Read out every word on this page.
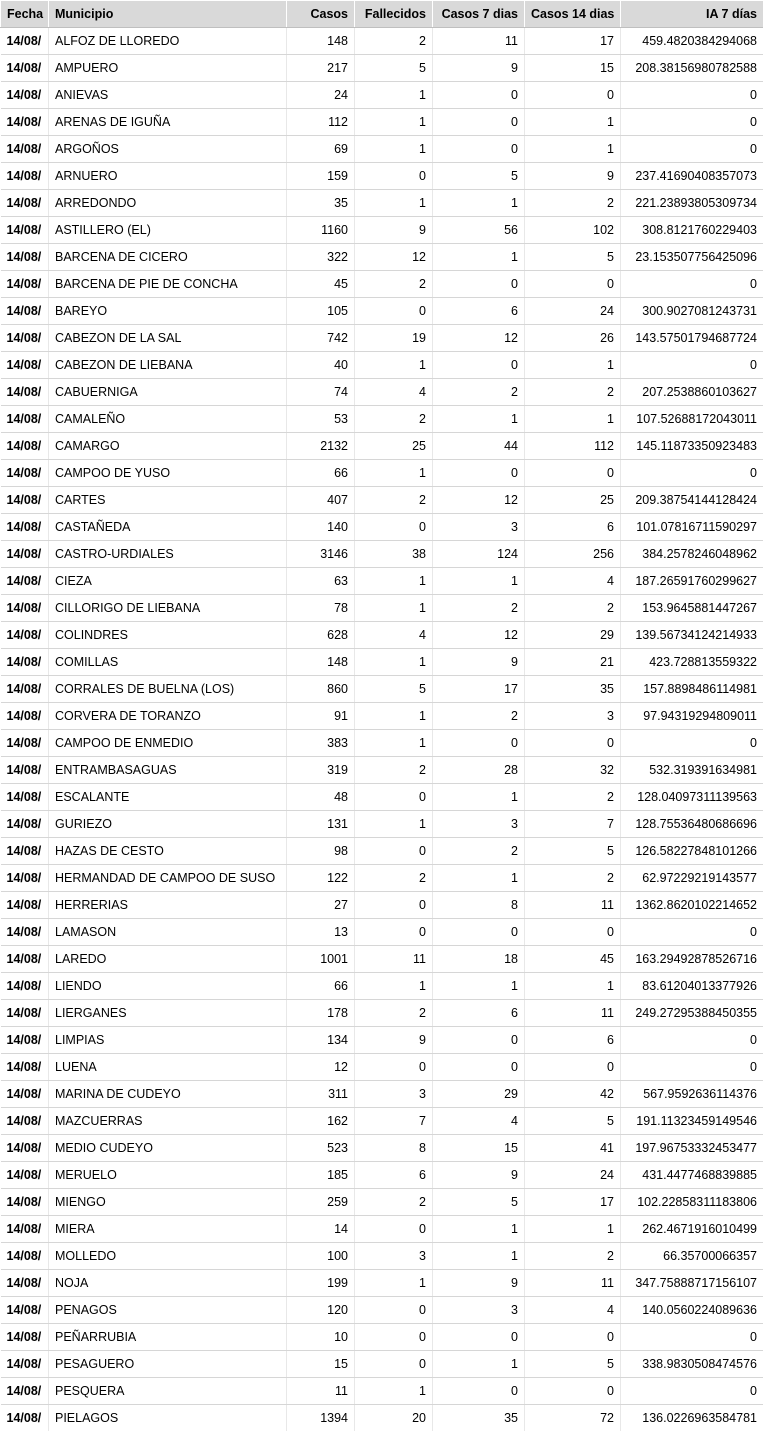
Fecha	Municipio	Casos	Fallecidos	Casos 7 dias	Casos 14 dias	IA 7 días
14/08/	ALFOZ DE LLOREDO	148	2	11	17	459.4820384294068
14/08/	AMPUERO	217	5	9	15	208.38156980782588
14/08/	ANIEVAS	24	1	0	0	0
14/08/	ARENAS DE IGUÑA	112	1	0	1	0
14/08/	ARGOÑOS	69	1	0	1	0
14/08/	ARNUERO	159	0	5	9	237.41690408357073
14/08/	ARREDONDO	35	1	1	2	221.23893805309734
14/08/	ASTILLERO (EL)	1160	9	56	102	308.8121760229403
14/08/	BARCENA DE CICERO	322	12	1	5	23.153507756425096
14/08/	BARCENA DE PIE DE CONCHA	45	2	0	0	0
14/08/	BAREYO	105	0	6	24	300.9027081243731
14/08/	CABEZON DE LA SAL	742	19	12	26	143.57501794687724
14/08/	CABEZON DE LIEBANA	40	1	0	1	0
14/08/	CABUERNIGA	74	4	2	2	207.2538860103627
14/08/	CAMALEÑO	53	2	1	1	107.52688172043011
14/08/	CAMARGO	2132	25	44	112	145.11873350923483
14/08/	CAMPOO DE YUSO	66	1	0	0	0
14/08/	CARTES	407	2	12	25	209.38754144128424
14/08/	CASTAÑEDA	140	0	3	6	101.07816711590297
14/08/	CASTRO-URDIALES	3146	38	124	256	384.2578246048962
14/08/	CIEZA	63	1	1	4	187.26591760299627
14/08/	CILLORIGO DE LIEBANA	78	1	2	2	153.9645881447267
14/08/	COLINDRES	628	4	12	29	139.56734124214933
14/08/	COMILLAS	148	1	9	21	423.728813559322
14/08/	CORRALES DE BUELNA (LOS)	860	5	17	35	157.8898486114981
14/08/	CORVERA DE TORANZO	91	1	2	3	97.94319294809011
14/08/	CAMPOO DE ENMEDIO	383	1	0	0	0
14/08/	ENTRAMBASAGUAS	319	2	28	32	532.319391634981
14/08/	ESCALANTE	48	0	1	2	128.04097311139563
14/08/	GURIEZO	131	1	3	7	128.75536480686696
14/08/	HAZAS DE CESTO	98	0	2	5	126.58227848101266
14/08/	HERMANDAD DE CAMPOO DE SUSO	122	2	1	2	62.97229219143577
14/08/	HERRERIAS	27	0	8	11	1362.8620102214652
14/08/	LAMASON	13	0	0	0	0
14/08/	LAREDO	1001	11	18	45	163.29492878526716
14/08/	LIENDO	66	1	1	1	83.61204013377926
14/08/	LIERGANES	178	2	6	11	249.27295388450355
14/08/	LIMPIAS	134	9	0	6	0
14/08/	LUENA	12	0	0	0	0
14/08/	MARINA DE CUDEYO	311	3	29	42	567.9592636114376
14/08/	MAZCUERRAS	162	7	4	5	191.11323459149546
14/08/	MEDIO CUDEYO	523	8	15	41	197.96753332453477
14/08/	MERUELO	185	6	9	24	431.4477468839885
14/08/	MIENGO	259	2	5	17	102.22858311183806
14/08/	MIERA	14	0	1	1	262.4671916010499
14/08/	MOLLEDO	100	3	1	2	66.35700066357
14/08/	NOJA	199	1	9	11	347.75888717156107
14/08/	PENAGOS	120	0	3	4	140.0560224089636
14/08/	PEÑARRUBIA	10	0	0	0	0
14/08/	PESAGUERO	15	0	1	5	338.9830508474576
14/08/	PESQUERA	11	1	0	0	0
14/08/	PIELAGOS	1394	20	35	72	136.0226963584781
